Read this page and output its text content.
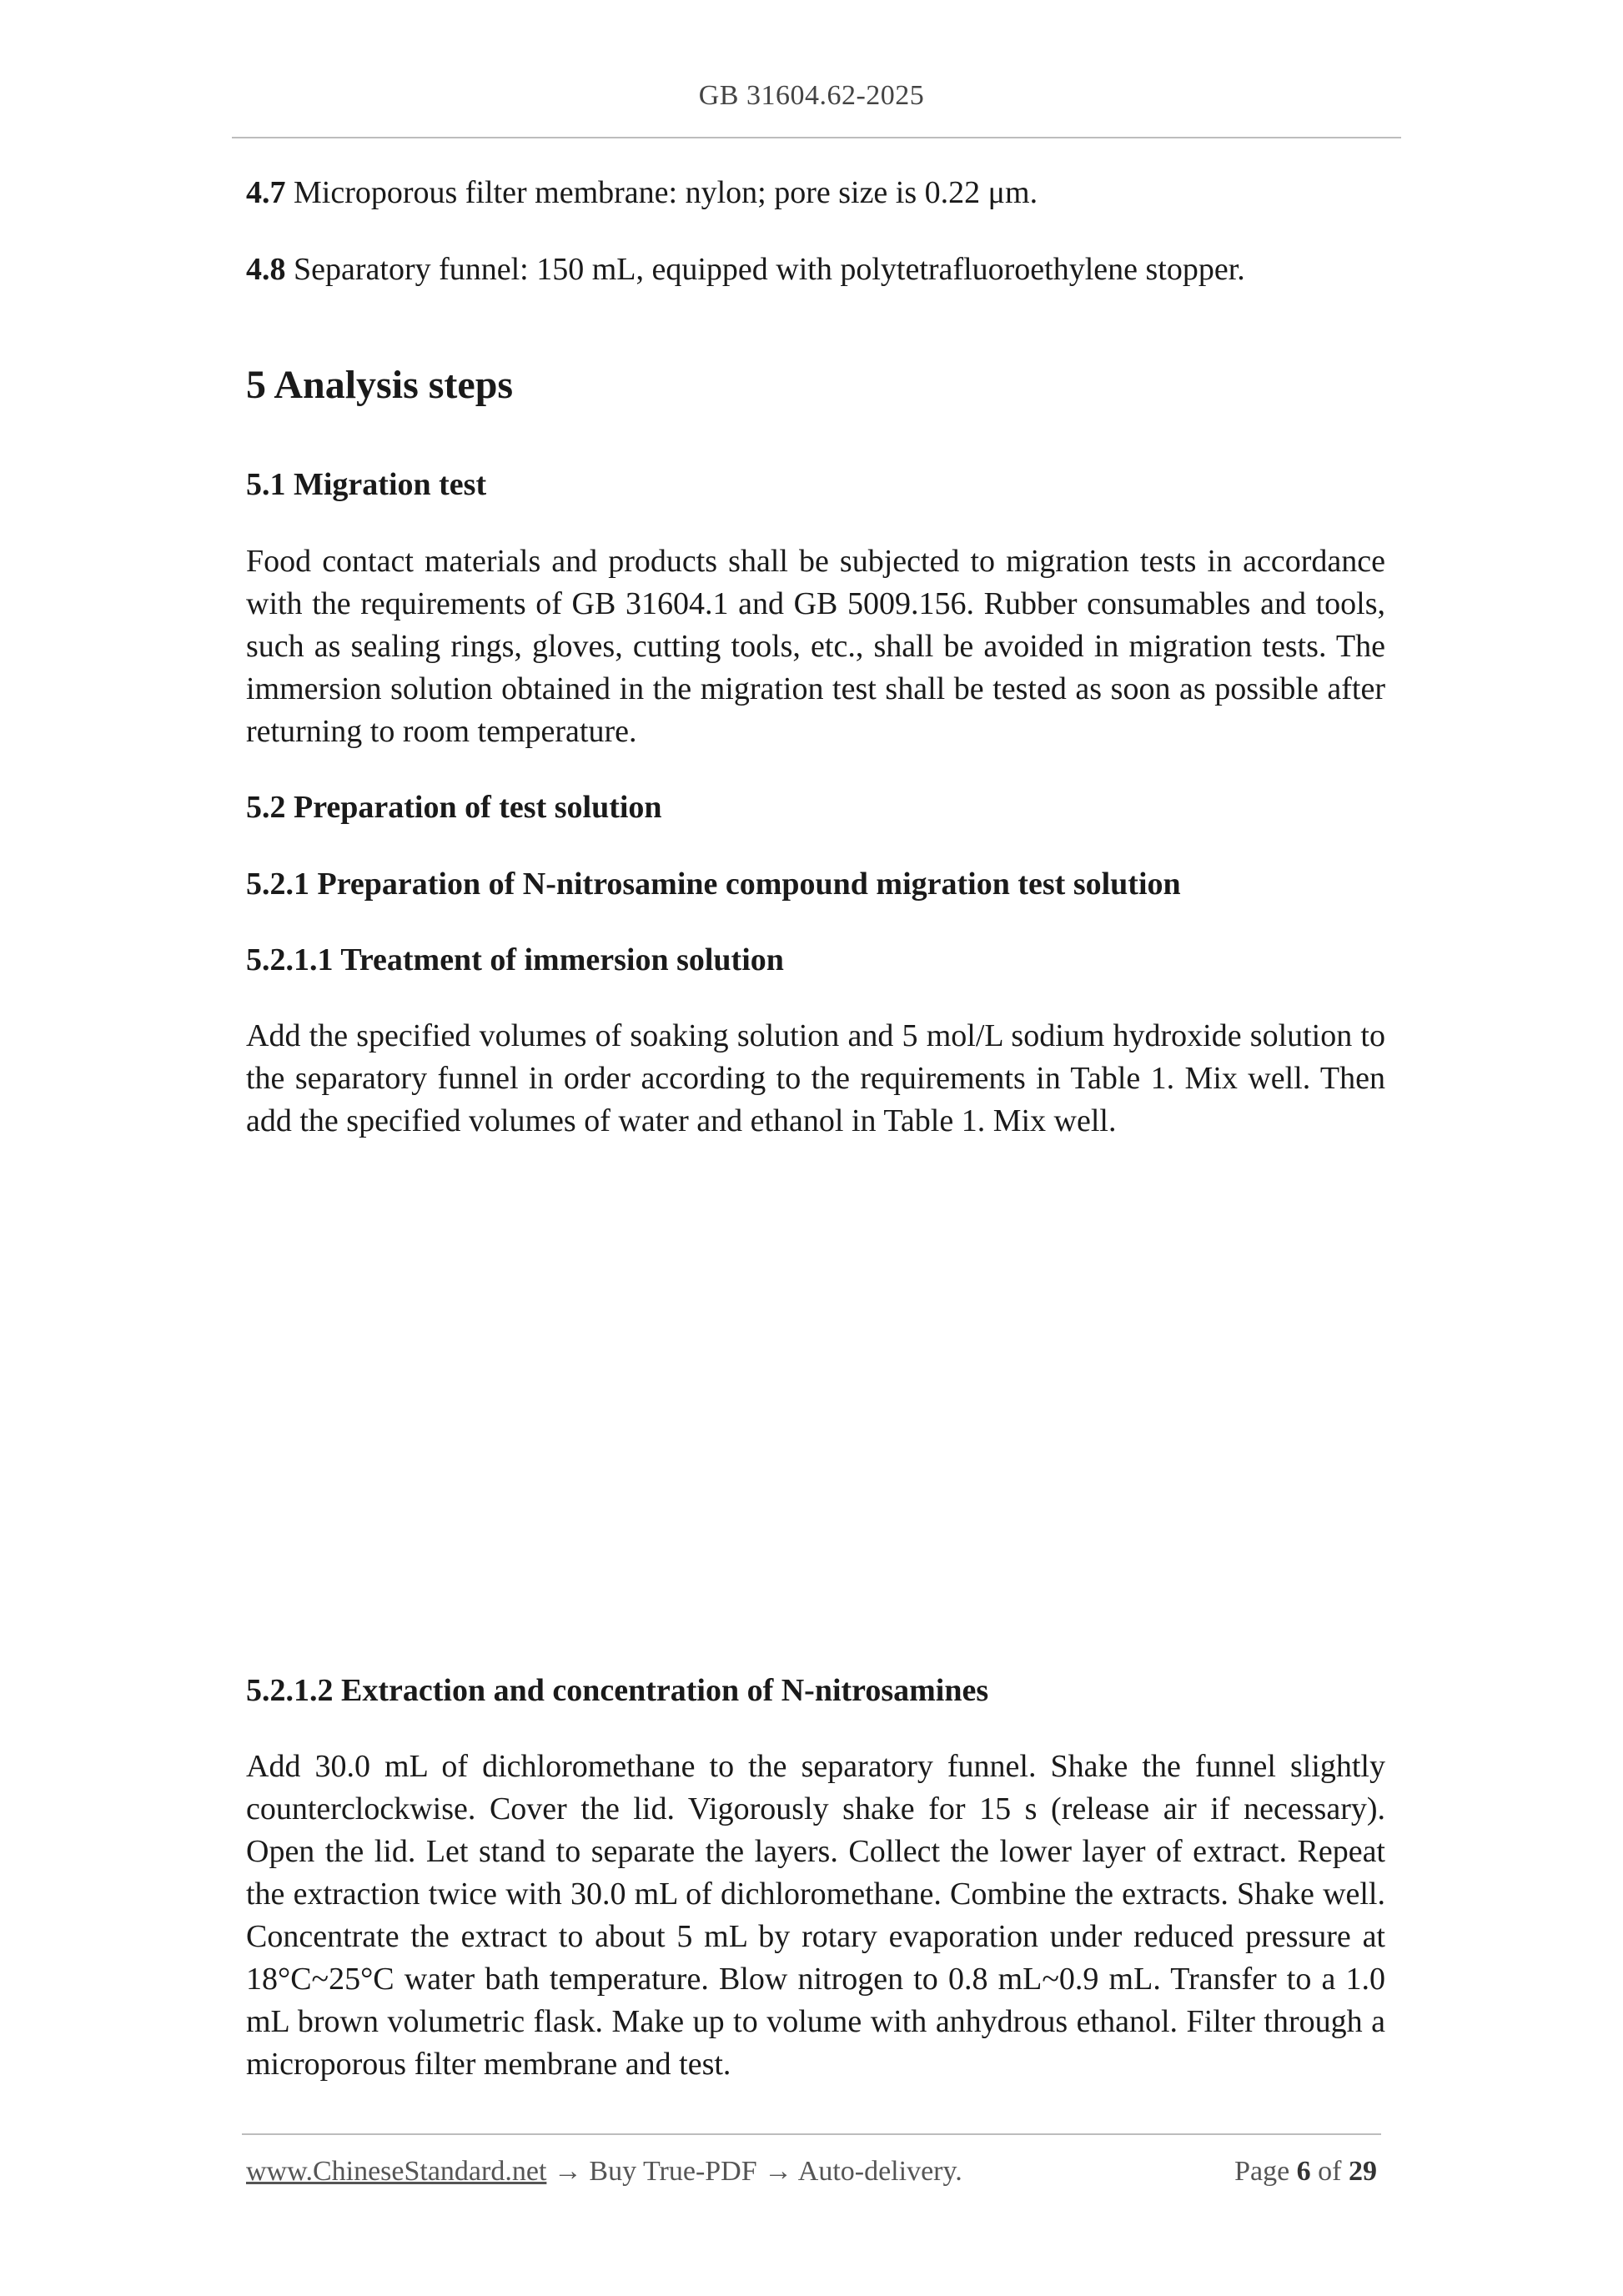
GB 31604.62-2025

4.7 Microporous filter membrane: nylon; pore size is 0.22 μm.

4.8 Separatory funnel: 150 mL, equipped with polytetrafluoroethylene stopper.

5 Analysis steps
5.1 Migration test

Food contact materials and products shall be subjected to migration tests in accordance with the requirements of GB 31604.1 and GB 5009.156. Rubber consumables and tools, such as sealing rings, gloves, cutting tools, etc., shall be avoided in migration tests. The immersion solution obtained in the migration test shall be tested as soon as possible after returning to room temperature.

5.2 Preparation of test solution
5.2.1 Preparation of N-nitrosamine compound migration test solution
5.2.1.1 Treatment of immersion solution

Add the specified volumes of soaking solution and 5 mol/L sodium hydroxide solution to the separatory funnel in order according to the requirements in Table 1. Mix well. Then add the specified volumes of water and ethanol in Table 1. Mix well.

5.2.1.2 Extraction and concentration of N-nitrosamines

Add 30.0 mL of dichloromethane to the separatory funnel. Shake the funnel slightly counterclockwise. Cover the lid. Vigorously shake for 15 s (release air if necessary). Open the lid. Let stand to separate the layers. Collect the lower layer of extract. Repeat the extraction twice with 30.0 mL of dichloromethane. Combine the extracts. Shake well. Concentrate the extract to about 5 mL by rotary evaporation under reduced pressure at 18°C~25°C water bath temperature. Blow nitrogen to 0.8 mL~0.9 mL. Transfer to a 1.0 mL brown volumetric flask. Make up to volume with anhydrous ethanol. Filter through a microporous filter membrane and test.

www.ChineseStandard.net → Buy True-PDF → Auto-delivery.	Page 6 of 29
